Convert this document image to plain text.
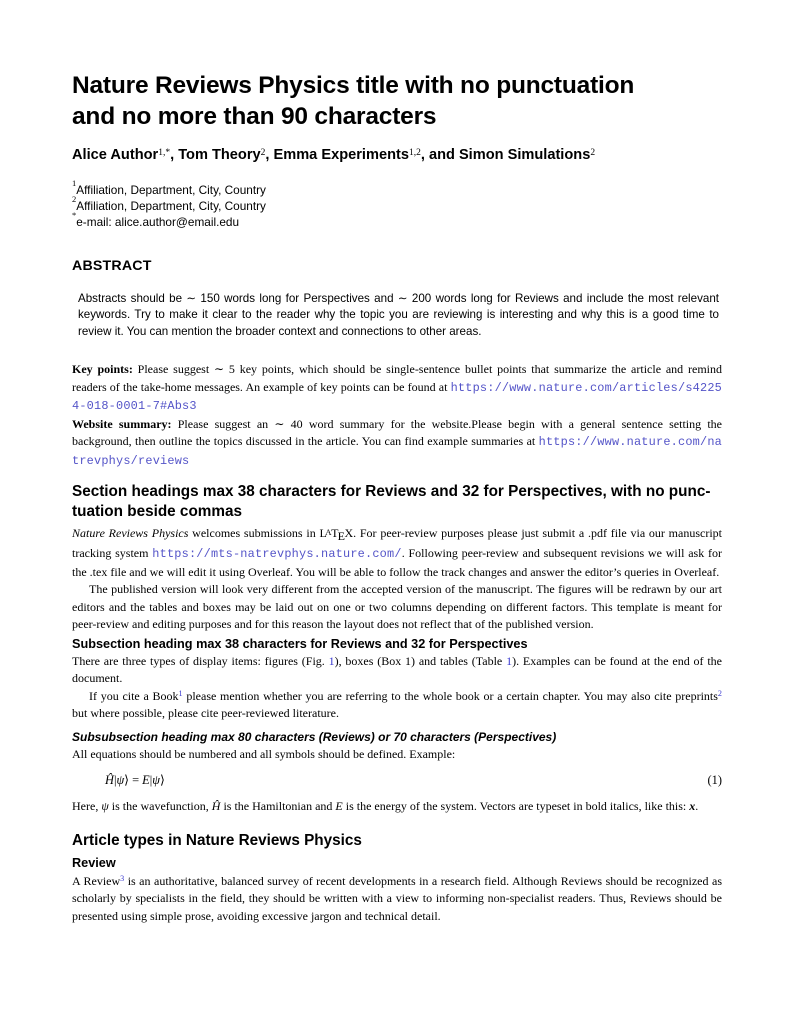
Nature Reviews Physics title with no punctuation
and no more than 90 characters
Alice Author$^{1,*}$, Tom Theory$^2$, Emma Experiments$^{1,2}$, and Simon Simulations$^2$
$^1$Affiliation, Department, City, Country
$^2$Affiliation, Department, City, Country
*e-mail: alice.author@email.edu
ABSTRACT

Abstracts should be ∼ 150 words long for Perspectives and ∼ 200 words long for Reviews and include the most relevant keywords. Try to make it clear to the reader why the topic you are reviewing is interesting and why this is a good time to review it. You can mention the broader context and connections to other areas.

Key points: Please suggest ∼ 5 key points, which should be single-sentence bullet points that summarize the article and remind readers of the take-home messages. An example of key points can be found at https://www.nature.com/articles/s42254-018-0001-7#Abs3
Website summary: Please suggest an ∼ 40 word summary for the website.Please begin with a general sentence setting the background, then outline the topics discussed in the article. You can find example summaries at https://www.nature.com/natrevphys/reviews
Section headings max 38 characters for Reviews and 32 for Perspectives, with no punc-
tuation beside commas
Nature Reviews Physics welcomes submissions in LATEX. For peer-review purposes please just submit a .pdf file via our manuscript tracking system https://mts-natrevphys.nature.com/. Following peer-review and subsequent revisions we will ask for the .tex file and we will edit it using Overleaf. You will be able to follow the track changes and answer the editor’s queries in Overleaf.
The published version will look very different from the accepted version of the manuscript. The figures will be redrawn by our art editors and the tables and boxes may be laid out on one or two columns depending on different factors. This template is meant for peer-review and editing purposes and for this reason the layout does not reflect that of the published version.
Subsection heading max 38 characters for Reviews and 32 for Perspectives
There are three types of display items: figures (Fig. 1), boxes (Box 1) and tables (Table 1). Examples can be found at the end of the document.
If you cite a Book$^1$ please mention whether you are referring to the whole book or a certain chapter. You may also cite preprints$^2$ but where possible, please cite peer-reviewed literature.
Subsubsection heading max 80 characters (Reviews) or 70 characters (Perspectives)
All equations should be numbered and all symbols should be defined. Example:
Ĥ|ψ⟩ = E|ψ⟩	(1)
Here, ψ is the wavefunction, Ĥ is the Hamiltonian and E is the energy of the system. Vectors are typeset in bold italics, like this: x.
Article types in Nature Reviews Physics
Review
A Review$^3$ is an authoritative, balanced survey of recent developments in a research field. Although Reviews should be recognized as scholarly by specialists in the field, they should be written with a view to informing non-specialist readers. Thus, Reviews should be presented using simple prose, avoiding excessive jargon and technical detail.
